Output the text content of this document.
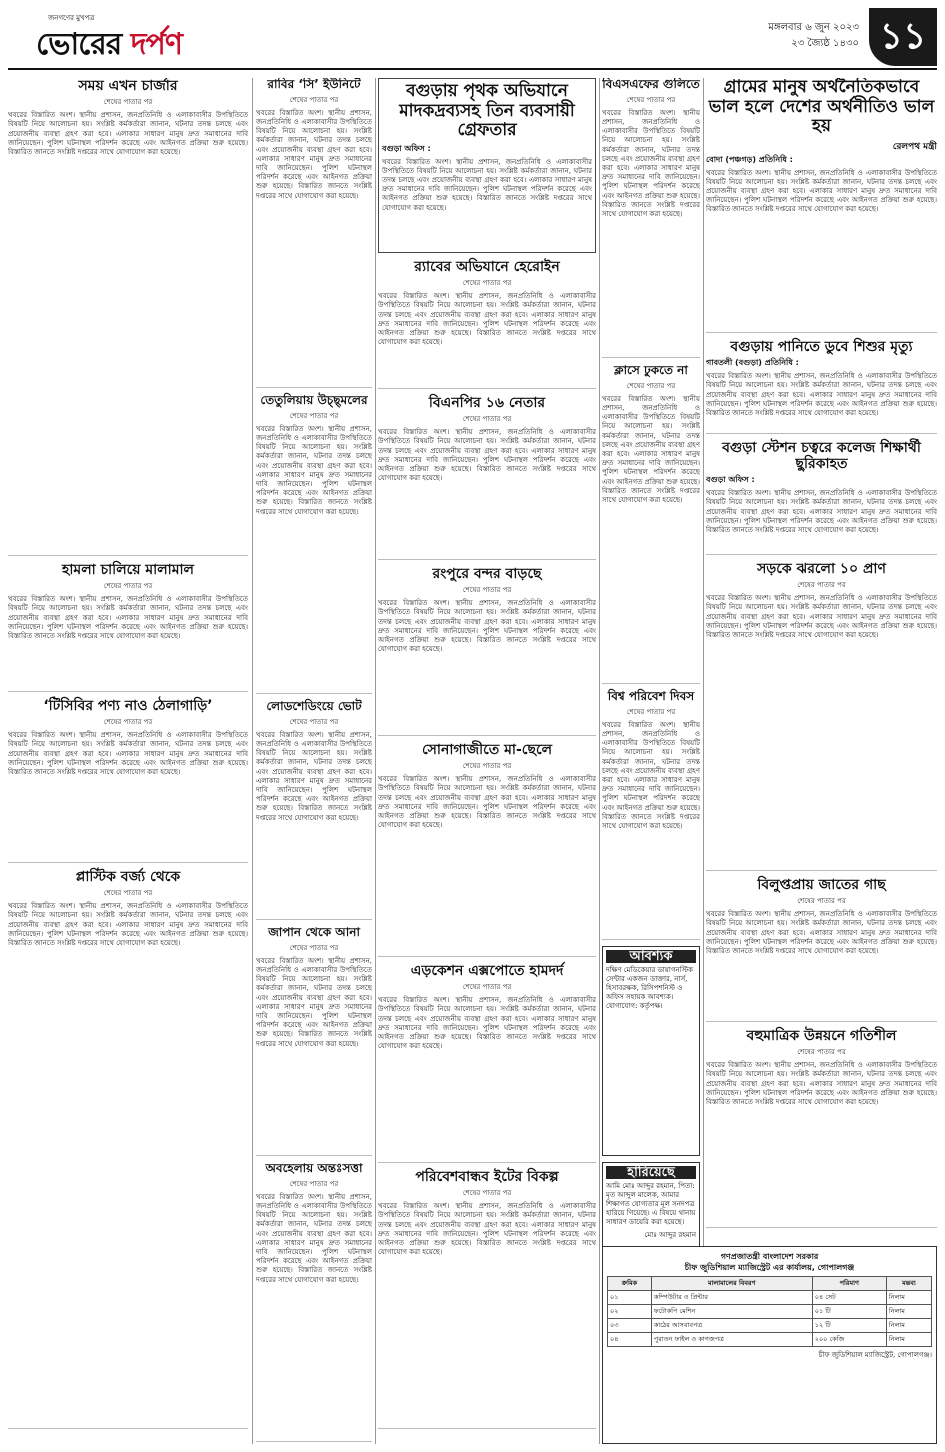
জনগণের মুখপত্র
ভোরের দর্পণ	মঙ্গলবার ৬ জুন ২০২৩
২৩ জ্যৈষ্ঠ ১৪৩০ ১১
সময় এখন চার্জার
শেষের পাতার পর
খবরের বিস্তারিত অংশ। স্থানীয় প্রশাসন, জনপ্রতিনিধি ও এলাকাবাসীর উপস্থিতিতে বিষয়টি নিয়ে আলোচনা হয়। সংশ্লিষ্ট কর্মকর্তারা জানান, ঘটনার তদন্ত চলছে এবং প্রয়োজনীয় ব্যবস্থা গ্রহণ করা হবে। এলাকার সাধারণ মানুষ দ্রুত সমাধানের দাবি জানিয়েছেন। পুলিশ ঘটনাস্থল পরিদর্শন করেছে এবং আইনগত প্রক্রিয়া শুরু হয়েছে। বিস্তারিত জানতে সংশ্লিষ্ট দপ্তরের সাথে যোগাযোগ করা হয়েছে।
হামলা চালিয়ে মালামাল
শেষের পাতার পর
খবরের বিস্তারিত অংশ। স্থানীয় প্রশাসন, জনপ্রতিনিধি ও এলাকাবাসীর উপস্থিতিতে বিষয়টি নিয়ে আলোচনা হয়। সংশ্লিষ্ট কর্মকর্তারা জানান, ঘটনার তদন্ত চলছে এবং প্রয়োজনীয় ব্যবস্থা গ্রহণ করা হবে। এলাকার সাধারণ মানুষ দ্রুত সমাধানের দাবি জানিয়েছেন। পুলিশ ঘটনাস্থল পরিদর্শন করেছে এবং আইনগত প্রক্রিয়া শুরু হয়েছে। বিস্তারিত জানতে সংশ্লিষ্ট দপ্তরের সাথে যোগাযোগ করা হয়েছে।
‘টিসিবির পণ্য নাও ঠেলাগাড়ি’
শেষের পাতার পর
খবরের বিস্তারিত অংশ। স্থানীয় প্রশাসন, জনপ্রতিনিধি ও এলাকাবাসীর উপস্থিতিতে বিষয়টি নিয়ে আলোচনা হয়। সংশ্লিষ্ট কর্মকর্তারা জানান, ঘটনার তদন্ত চলছে এবং প্রয়োজনীয় ব্যবস্থা গ্রহণ করা হবে। এলাকার সাধারণ মানুষ দ্রুত সমাধানের দাবি জানিয়েছেন। পুলিশ ঘটনাস্থল পরিদর্শন করেছে এবং আইনগত প্রক্রিয়া শুরু হয়েছে। বিস্তারিত জানতে সংশ্লিষ্ট দপ্তরের সাথে যোগাযোগ করা হয়েছে।
প্লাস্টিক বর্জ্য থেকে
শেষের পাতার পর
খবরের বিস্তারিত অংশ। স্থানীয় প্রশাসন, জনপ্রতিনিধি ও এলাকাবাসীর উপস্থিতিতে বিষয়টি নিয়ে আলোচনা হয়। সংশ্লিষ্ট কর্মকর্তারা জানান, ঘটনার তদন্ত চলছে এবং প্রয়োজনীয় ব্যবস্থা গ্রহণ করা হবে। এলাকার সাধারণ মানুষ দ্রুত সমাধানের দাবি জানিয়েছেন। পুলিশ ঘটনাস্থল পরিদর্শন করেছে এবং আইনগত প্রক্রিয়া শুরু হয়েছে। বিস্তারিত জানতে সংশ্লিষ্ট দপ্তরের সাথে যোগাযোগ করা হয়েছে।
রাবির ‘সি’ ইউনিটে
শেষের পাতার পর
খবরের বিস্তারিত অংশ। স্থানীয় প্রশাসন, জনপ্রতিনিধি ও এলাকাবাসীর উপস্থিতিতে বিষয়টি নিয়ে আলোচনা হয়। সংশ্লিষ্ট কর্মকর্তারা জানান, ঘটনার তদন্ত চলছে এবং প্রয়োজনীয় ব্যবস্থা গ্রহণ করা হবে। এলাকার সাধারণ মানুষ দ্রুত সমাধানের দাবি জানিয়েছেন। পুলিশ ঘটনাস্থল পরিদর্শন করেছে এবং আইনগত প্রক্রিয়া শুরু হয়েছে। বিস্তারিত জানতে সংশ্লিষ্ট দপ্তরের সাথে যোগাযোগ করা হয়েছে।
তেতুলিয়ায় উচ্ছ্মলের
শেষের পাতার পর
খবরের বিস্তারিত অংশ। স্থানীয় প্রশাসন, জনপ্রতিনিধি ও এলাকাবাসীর উপস্থিতিতে বিষয়টি নিয়ে আলোচনা হয়। সংশ্লিষ্ট কর্মকর্তারা জানান, ঘটনার তদন্ত চলছে এবং প্রয়োজনীয় ব্যবস্থা গ্রহণ করা হবে। এলাকার সাধারণ মানুষ দ্রুত সমাধানের দাবি জানিয়েছেন। পুলিশ ঘটনাস্থল পরিদর্শন করেছে এবং আইনগত প্রক্রিয়া শুরু হয়েছে। বিস্তারিত জানতে সংশ্লিষ্ট দপ্তরের সাথে যোগাযোগ করা হয়েছে।
লোডশেডিংয়ে ভোট
শেষের পাতার পর
খবরের বিস্তারিত অংশ। স্থানীয় প্রশাসন, জনপ্রতিনিধি ও এলাকাবাসীর উপস্থিতিতে বিষয়টি নিয়ে আলোচনা হয়। সংশ্লিষ্ট কর্মকর্তারা জানান, ঘটনার তদন্ত চলছে এবং প্রয়োজনীয় ব্যবস্থা গ্রহণ করা হবে। এলাকার সাধারণ মানুষ দ্রুত সমাধানের দাবি জানিয়েছেন। পুলিশ ঘটনাস্থল পরিদর্শন করেছে এবং আইনগত প্রক্রিয়া শুরু হয়েছে। বিস্তারিত জানতে সংশ্লিষ্ট দপ্তরের সাথে যোগাযোগ করা হয়েছে।
জাপান থেকে আনা
শেষের পাতার পর
খবরের বিস্তারিত অংশ। স্থানীয় প্রশাসন, জনপ্রতিনিধি ও এলাকাবাসীর উপস্থিতিতে বিষয়টি নিয়ে আলোচনা হয়। সংশ্লিষ্ট কর্মকর্তারা জানান, ঘটনার তদন্ত চলছে এবং প্রয়োজনীয় ব্যবস্থা গ্রহণ করা হবে। এলাকার সাধারণ মানুষ দ্রুত সমাধানের দাবি জানিয়েছেন। পুলিশ ঘটনাস্থল পরিদর্শন করেছে এবং আইনগত প্রক্রিয়া শুরু হয়েছে। বিস্তারিত জানতে সংশ্লিষ্ট দপ্তরের সাথে যোগাযোগ করা হয়েছে।
অবহেলায় অন্তঃসত্তা
শেষের পাতার পর
খবরের বিস্তারিত অংশ। স্থানীয় প্রশাসন, জনপ্রতিনিধি ও এলাকাবাসীর উপস্থিতিতে বিষয়টি নিয়ে আলোচনা হয়। সংশ্লিষ্ট কর্মকর্তারা জানান, ঘটনার তদন্ত চলছে এবং প্রয়োজনীয় ব্যবস্থা গ্রহণ করা হবে। এলাকার সাধারণ মানুষ দ্রুত সমাধানের দাবি জানিয়েছেন। পুলিশ ঘটনাস্থল পরিদর্শন করেছে এবং আইনগত প্রক্রিয়া শুরু হয়েছে। বিস্তারিত জানতে সংশ্লিষ্ট দপ্তরের সাথে যোগাযোগ করা হয়েছে।
বগুড়ায় পৃথক অভিযানে মাদকদ্রব্যসহ তিন ব্যবসায়ী গ্রেফতার
বগুড়া অফিস :
খবরের বিস্তারিত অংশ। স্থানীয় প্রশাসন, জনপ্রতিনিধি ও এলাকাবাসীর উপস্থিতিতে বিষয়টি নিয়ে আলোচনা হয়। সংশ্লিষ্ট কর্মকর্তারা জানান, ঘটনার তদন্ত চলছে এবং প্রয়োজনীয় ব্যবস্থা গ্রহণ করা হবে। এলাকার সাধারণ মানুষ দ্রুত সমাধানের দাবি জানিয়েছেন। পুলিশ ঘটনাস্থল পরিদর্শন করেছে এবং আইনগত প্রক্রিয়া শুরু হয়েছে। বিস্তারিত জানতে সংশ্লিষ্ট দপ্তরের সাথে যোগাযোগ করা হয়েছে।
র‍্যাবের অভিযানে হেরোইন
শেষের পাতার পর
খবরের বিস্তারিত অংশ। স্থানীয় প্রশাসন, জনপ্রতিনিধি ও এলাকাবাসীর উপস্থিতিতে বিষয়টি নিয়ে আলোচনা হয়। সংশ্লিষ্ট কর্মকর্তারা জানান, ঘটনার তদন্ত চলছে এবং প্রয়োজনীয় ব্যবস্থা গ্রহণ করা হবে। এলাকার সাধারণ মানুষ দ্রুত সমাধানের দাবি জানিয়েছেন। পুলিশ ঘটনাস্থল পরিদর্শন করেছে এবং আইনগত প্রক্রিয়া শুরু হয়েছে। বিস্তারিত জানতে সংশ্লিষ্ট দপ্তরের সাথে যোগাযোগ করা হয়েছে।
বিএনপির ১৬ নেতার
শেষের পাতার পর
খবরের বিস্তারিত অংশ। স্থানীয় প্রশাসন, জনপ্রতিনিধি ও এলাকাবাসীর উপস্থিতিতে বিষয়টি নিয়ে আলোচনা হয়। সংশ্লিষ্ট কর্মকর্তারা জানান, ঘটনার তদন্ত চলছে এবং প্রয়োজনীয় ব্যবস্থা গ্রহণ করা হবে। এলাকার সাধারণ মানুষ দ্রুত সমাধানের দাবি জানিয়েছেন। পুলিশ ঘটনাস্থল পরিদর্শন করেছে এবং আইনগত প্রক্রিয়া শুরু হয়েছে। বিস্তারিত জানতে সংশ্লিষ্ট দপ্তরের সাথে যোগাযোগ করা হয়েছে।
রংপুরে বন্দর বাড়ছে
শেষের পাতার পর
খবরের বিস্তারিত অংশ। স্থানীয় প্রশাসন, জনপ্রতিনিধি ও এলাকাবাসীর উপস্থিতিতে বিষয়টি নিয়ে আলোচনা হয়। সংশ্লিষ্ট কর্মকর্তারা জানান, ঘটনার তদন্ত চলছে এবং প্রয়োজনীয় ব্যবস্থা গ্রহণ করা হবে। এলাকার সাধারণ মানুষ দ্রুত সমাধানের দাবি জানিয়েছেন। পুলিশ ঘটনাস্থল পরিদর্শন করেছে এবং আইনগত প্রক্রিয়া শুরু হয়েছে। বিস্তারিত জানতে সংশ্লিষ্ট দপ্তরের সাথে যোগাযোগ করা হয়েছে।
সোনাগাজীতে মা-ছেলে
শেষের পাতার পর
খবরের বিস্তারিত অংশ। স্থানীয় প্রশাসন, জনপ্রতিনিধি ও এলাকাবাসীর উপস্থিতিতে বিষয়টি নিয়ে আলোচনা হয়। সংশ্লিষ্ট কর্মকর্তারা জানান, ঘটনার তদন্ত চলছে এবং প্রয়োজনীয় ব্যবস্থা গ্রহণ করা হবে। এলাকার সাধারণ মানুষ দ্রুত সমাধানের দাবি জানিয়েছেন। পুলিশ ঘটনাস্থল পরিদর্শন করেছে এবং আইনগত প্রক্রিয়া শুরু হয়েছে। বিস্তারিত জানতে সংশ্লিষ্ট দপ্তরের সাথে যোগাযোগ করা হয়েছে।
এড়কেশন এক্সপোতে হামদর্দ
শেষের পাতার পর
খবরের বিস্তারিত অংশ। স্থানীয় প্রশাসন, জনপ্রতিনিধি ও এলাকাবাসীর উপস্থিতিতে বিষয়টি নিয়ে আলোচনা হয়। সংশ্লিষ্ট কর্মকর্তারা জানান, ঘটনার তদন্ত চলছে এবং প্রয়োজনীয় ব্যবস্থা গ্রহণ করা হবে। এলাকার সাধারণ মানুষ দ্রুত সমাধানের দাবি জানিয়েছেন। পুলিশ ঘটনাস্থল পরিদর্শন করেছে এবং আইনগত প্রক্রিয়া শুরু হয়েছে। বিস্তারিত জানতে সংশ্লিষ্ট দপ্তরের সাথে যোগাযোগ করা হয়েছে।
পরিবেশবান্ধব ইটের বিকল্প
শেষের পাতার পর
খবরের বিস্তারিত অংশ। স্থানীয় প্রশাসন, জনপ্রতিনিধি ও এলাকাবাসীর উপস্থিতিতে বিষয়টি নিয়ে আলোচনা হয়। সংশ্লিষ্ট কর্মকর্তারা জানান, ঘটনার তদন্ত চলছে এবং প্রয়োজনীয় ব্যবস্থা গ্রহণ করা হবে। এলাকার সাধারণ মানুষ দ্রুত সমাধানের দাবি জানিয়েছেন। পুলিশ ঘটনাস্থল পরিদর্শন করেছে এবং আইনগত প্রক্রিয়া শুরু হয়েছে। বিস্তারিত জানতে সংশ্লিষ্ট দপ্তরের সাথে যোগাযোগ করা হয়েছে।
বিএসএফের গুলিতে
শেষের পাতার পর
খবরের বিস্তারিত অংশ। স্থানীয় প্রশাসন, জনপ্রতিনিধি ও এলাকাবাসীর উপস্থিতিতে বিষয়টি নিয়ে আলোচনা হয়। সংশ্লিষ্ট কর্মকর্তারা জানান, ঘটনার তদন্ত চলছে এবং প্রয়োজনীয় ব্যবস্থা গ্রহণ করা হবে। এলাকার সাধারণ মানুষ দ্রুত সমাধানের দাবি জানিয়েছেন। পুলিশ ঘটনাস্থল পরিদর্শন করেছে এবং আইনগত প্রক্রিয়া শুরু হয়েছে। বিস্তারিত জানতে সংশ্লিষ্ট দপ্তরের সাথে যোগাযোগ করা হয়েছে।
ক্লাসে ঢুকতে না
শেষের পাতার পর
খবরের বিস্তারিত অংশ। স্থানীয় প্রশাসন, জনপ্রতিনিধি ও এলাকাবাসীর উপস্থিতিতে বিষয়টি নিয়ে আলোচনা হয়। সংশ্লিষ্ট কর্মকর্তারা জানান, ঘটনার তদন্ত চলছে এবং প্রয়োজনীয় ব্যবস্থা গ্রহণ করা হবে। এলাকার সাধারণ মানুষ দ্রুত সমাধানের দাবি জানিয়েছেন। পুলিশ ঘটনাস্থল পরিদর্শন করেছে এবং আইনগত প্রক্রিয়া শুরু হয়েছে। বিস্তারিত জানতে সংশ্লিষ্ট দপ্তরের সাথে যোগাযোগ করা হয়েছে।
বিশ্ব পরিবেশ দিবস
শেষের পাতার পর
খবরের বিস্তারিত অংশ। স্থানীয় প্রশাসন, জনপ্রতিনিধি ও এলাকাবাসীর উপস্থিতিতে বিষয়টি নিয়ে আলোচনা হয়। সংশ্লিষ্ট কর্মকর্তারা জানান, ঘটনার তদন্ত চলছে এবং প্রয়োজনীয় ব্যবস্থা গ্রহণ করা হবে। এলাকার সাধারণ মানুষ দ্রুত সমাধানের দাবি জানিয়েছেন। পুলিশ ঘটনাস্থল পরিদর্শন করেছে এবং আইনগত প্রক্রিয়া শুরু হয়েছে। বিস্তারিত জানতে সংশ্লিষ্ট দপ্তরের সাথে যোগাযোগ করা হয়েছে।
আবশ্যক
দক্ষিণ মেডিকেয়ার ডায়াগনস্টিক সেন্টার একজন ডাক্তার, নার্স, হিসাবরক্ষক, রিসিপশনিস্ট ও অফিস সহায়ক আবশ্যক। যোগাযোগ: কর্তৃপক্ষ।
হারিয়েছে
আমি মোঃ আব্দুর রহমান, পিতা: মৃত আব্দুল মালেক, আমার শিক্ষাগত যোগ্যতার মূল সনদপত্র হারিয়ে গিয়েছে। এ বিষয়ে থানায় সাধারণ ডায়েরি করা হয়েছে।
মোঃ আব্দুর রহমান
গ্রামের মানুষ অর্থনৈতিকভাবে ভাল হলে দেশের অর্থনীতিও ভাল হয়
রেলপথ মন্ত্রী
বোদা (পঞ্চগড়) প্রতিনিধি :
খবরের বিস্তারিত অংশ। স্থানীয় প্রশাসন, জনপ্রতিনিধি ও এলাকাবাসীর উপস্থিতিতে বিষয়টি নিয়ে আলোচনা হয়। সংশ্লিষ্ট কর্মকর্তারা জানান, ঘটনার তদন্ত চলছে এবং প্রয়োজনীয় ব্যবস্থা গ্রহণ করা হবে। এলাকার সাধারণ মানুষ দ্রুত সমাধানের দাবি জানিয়েছেন। পুলিশ ঘটনাস্থল পরিদর্শন করেছে এবং আইনগত প্রক্রিয়া শুরু হয়েছে। বিস্তারিত জানতে সংশ্লিষ্ট দপ্তরের সাথে যোগাযোগ করা হয়েছে।
বগুড়ায় পানিতে ডুবে শিশুর মৃত্যু
গাবতলী (বগুড়া) প্রতিনিধি :
খবরের বিস্তারিত অংশ। স্থানীয় প্রশাসন, জনপ্রতিনিধি ও এলাকাবাসীর উপস্থিতিতে বিষয়টি নিয়ে আলোচনা হয়। সংশ্লিষ্ট কর্মকর্তারা জানান, ঘটনার তদন্ত চলছে এবং প্রয়োজনীয় ব্যবস্থা গ্রহণ করা হবে। এলাকার সাধারণ মানুষ দ্রুত সমাধানের দাবি জানিয়েছেন। পুলিশ ঘটনাস্থল পরিদর্শন করেছে এবং আইনগত প্রক্রিয়া শুরু হয়েছে। বিস্তারিত জানতে সংশ্লিষ্ট দপ্তরের সাথে যোগাযোগ করা হয়েছে।
বগুড়া স্টেশন চত্বরে কলেজ শিক্ষার্থী ছুরিকাহত
বগুড়া অফিস :
খবরের বিস্তারিত অংশ। স্থানীয় প্রশাসন, জনপ্রতিনিধি ও এলাকাবাসীর উপস্থিতিতে বিষয়টি নিয়ে আলোচনা হয়। সংশ্লিষ্ট কর্মকর্তারা জানান, ঘটনার তদন্ত চলছে এবং প্রয়োজনীয় ব্যবস্থা গ্রহণ করা হবে। এলাকার সাধারণ মানুষ দ্রুত সমাধানের দাবি জানিয়েছেন। পুলিশ ঘটনাস্থল পরিদর্শন করেছে এবং আইনগত প্রক্রিয়া শুরু হয়েছে। বিস্তারিত জানতে সংশ্লিষ্ট দপ্তরের সাথে যোগাযোগ করা হয়েছে।
সড়কে ঝরলো ১০ প্রাণ
শেষের পাতার পর
খবরের বিস্তারিত অংশ। স্থানীয় প্রশাসন, জনপ্রতিনিধি ও এলাকাবাসীর উপস্থিতিতে বিষয়টি নিয়ে আলোচনা হয়। সংশ্লিষ্ট কর্মকর্তারা জানান, ঘটনার তদন্ত চলছে এবং প্রয়োজনীয় ব্যবস্থা গ্রহণ করা হবে। এলাকার সাধারণ মানুষ দ্রুত সমাধানের দাবি জানিয়েছেন। পুলিশ ঘটনাস্থল পরিদর্শন করেছে এবং আইনগত প্রক্রিয়া শুরু হয়েছে। বিস্তারিত জানতে সংশ্লিষ্ট দপ্তরের সাথে যোগাযোগ করা হয়েছে।
বিলুপ্তপ্রায় জাতের গাছ
শেষের পাতার পর
খবরের বিস্তারিত অংশ। স্থানীয় প্রশাসন, জনপ্রতিনিধি ও এলাকাবাসীর উপস্থিতিতে বিষয়টি নিয়ে আলোচনা হয়। সংশ্লিষ্ট কর্মকর্তারা জানান, ঘটনার তদন্ত চলছে এবং প্রয়োজনীয় ব্যবস্থা গ্রহণ করা হবে। এলাকার সাধারণ মানুষ দ্রুত সমাধানের দাবি জানিয়েছেন। পুলিশ ঘটনাস্থল পরিদর্শন করেছে এবং আইনগত প্রক্রিয়া শুরু হয়েছে। বিস্তারিত জানতে সংশ্লিষ্ট দপ্তরের সাথে যোগাযোগ করা হয়েছে।
বহুমাত্রিক উন্নয়নে গতিশীল
শেষের পাতার পর
খবরের বিস্তারিত অংশ। স্থানীয় প্রশাসন, জনপ্রতিনিধি ও এলাকাবাসীর উপস্থিতিতে বিষয়টি নিয়ে আলোচনা হয়। সংশ্লিষ্ট কর্মকর্তারা জানান, ঘটনার তদন্ত চলছে এবং প্রয়োজনীয় ব্যবস্থা গ্রহণ করা হবে। এলাকার সাধারণ মানুষ দ্রুত সমাধানের দাবি জানিয়েছেন। পুলিশ ঘটনাস্থল পরিদর্শন করেছে এবং আইনগত প্রক্রিয়া শুরু হয়েছে। বিস্তারিত জানতে সংশ্লিষ্ট দপ্তরের সাথে যোগাযোগ করা হয়েছে।
গণপ্রজাতন্ত্রী বাংলাদেশ সরকার
চীফ জুডিশিয়াল ম্যাজিস্ট্রেট এর কার্যালয়, গোপালগঞ্জ
ক্রমিক	মালামালের বিবরণ	পরিমাণ	মন্তব্য
০১	কম্পিউটার ও প্রিন্টার	০৪ সেট	নিলাম
০২	ফটোকপি মেশিন	০১ টি	নিলাম
০৩	কাঠের আসবাবপত্র	১২ টি	নিলাম
০৪	পুরাতন ফাইল ও কাগজপত্র	২০০ কেজি	নিলাম
চীফ জুডিশিয়াল ম্যাজিস্ট্রেট, গোপালগঞ্জ।
